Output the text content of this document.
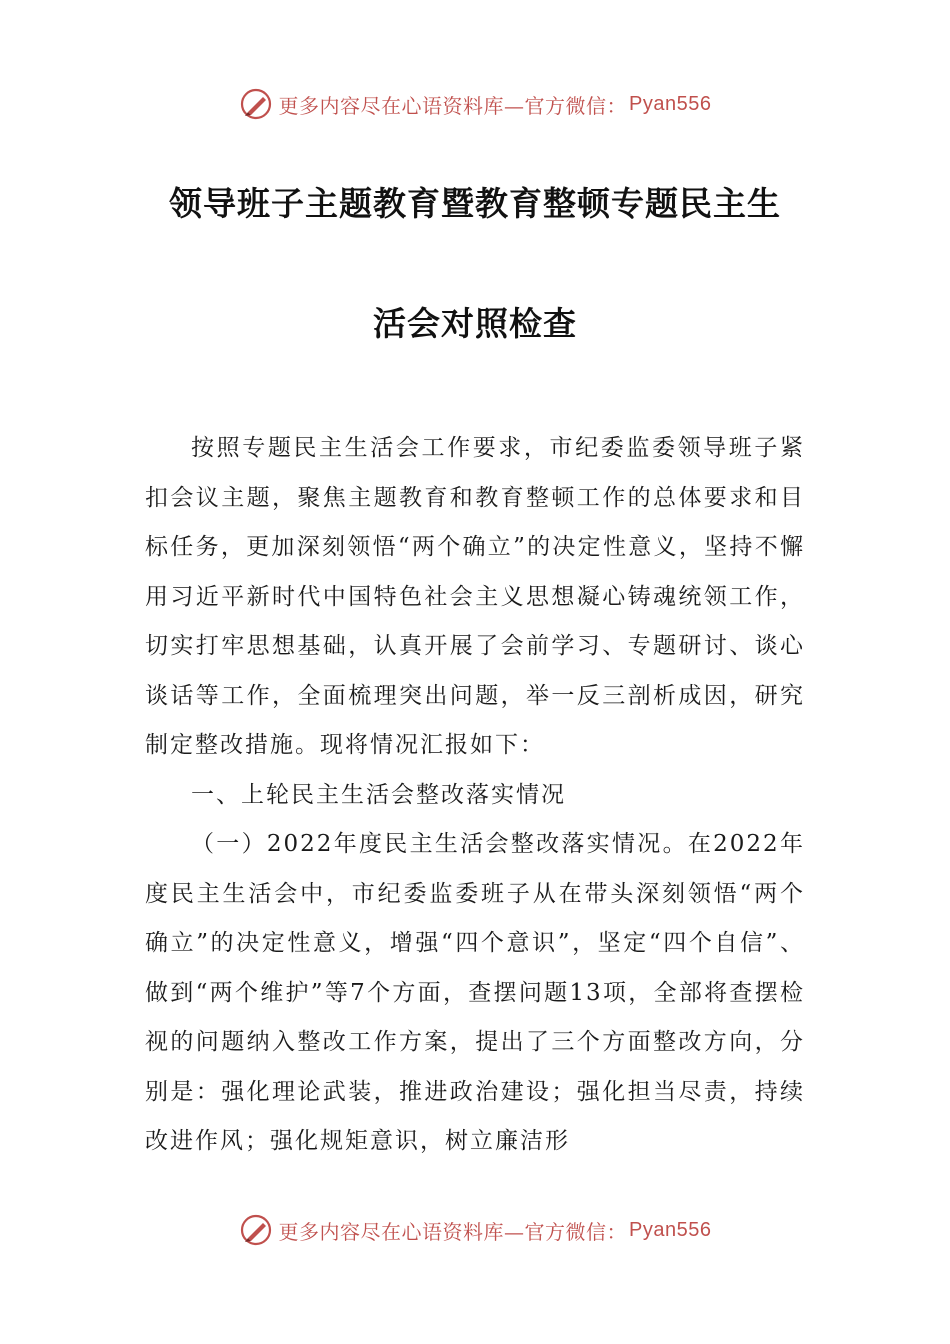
更多内容尽在心语资料库—官方微信： Pyan556
领导班子主题教育暨教育整顿专题民主生
活会对照检查

按照专题民主生活会工作要求，市纪委监委领导班子紧扣会议主题，聚焦主题教育和教育整顿工作的总体要求和目标任务，更加深刻领悟“两个确立”的决定性意义，坚持不懈用习近平新时代中国特色社会主义思想凝心铸魂统领工作，切实打牢思想基础，认真开展了会前学习、专题研讨、谈心谈话等工作，全面梳理突出问题，举一反三剖析成因，研究制定整改措施。现将情况汇报如下：

一、上轮民主生活会整改落实情况

（一）2022年度民主生活会整改落实情况。在2022年度民主生活会中，市纪委监委班子从在带头深刻领悟“两个确立”的决定性意义，增强“四个意识”，坚定“四个自信”、做到“两个维护”等7个方面，查摆问题13项，全部将查摆检视的问题纳入整改工作方案，提出了三个方面整改方向，分别是：强化理论武装，推进政治建设；强化担当尽责，持续改进作风；强化规矩意识，树立廉洁形

更多内容尽在心语资料库—官方微信： Pyan556
